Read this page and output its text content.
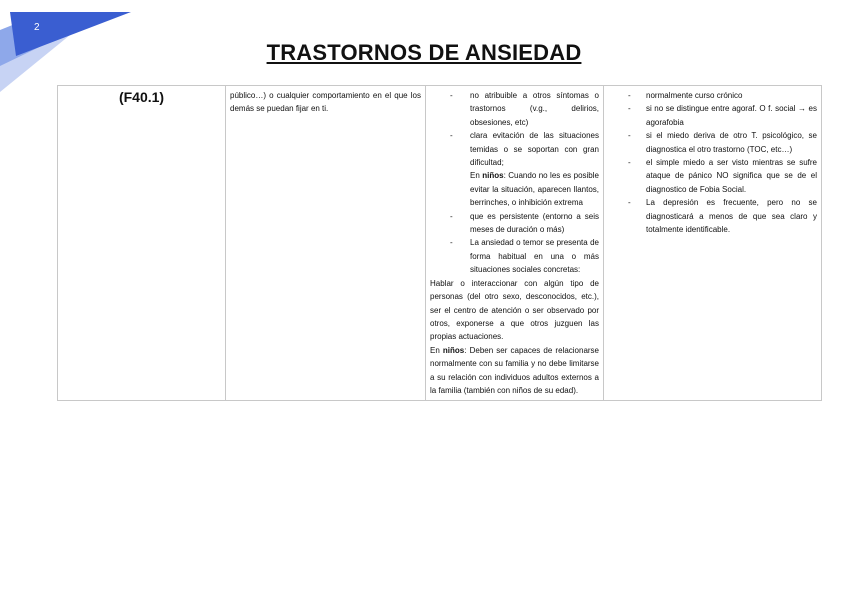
2
TRASTORNOS DE ANSIEDAD
(F40.1)	público…) o cualquier comportamiento en el que los demás se puedan fijar en ti.

- no atribuible a otros síntomas o trastornos (v.g., delirios, obsesiones, etc)
- clara evitación de las situaciones temidas o se soportan con gran dificultad;
En niños: Cuando no les es posible evitar la situación, aparecen llantos, berrinches, o inhibición extrema
- que es persistente (entorno a seis meses de duración o más)
- La ansiedad o temor se presenta de forma habitual en una o más situaciones sociales concretas:
Hablar o interaccionar con algún tipo de personas (del otro sexo, desconocidos, etc.), ser el centro de atención o ser observado por otros, exponerse a que otros juzguen las propias actuaciones.
En niños: Deben ser capaces de relacionarse normalmente con su familia y no debe limitarse a su relación con individuos adultos externos a la familia (también con niños de su edad).

- normalmente curso crónico
- si no se distingue entre agoraf. O f. social → es agorafobia
- si el miedo deriva de otro T. psicológico, se diagnostica el otro trastorno (TOC, etc…)
- el simple miedo a ser visto mientras se sufre ataque de pánico NO significa que se de el diagnostico de Fobia Social.
- La depresión es frecuente, pero no se diagnosticará a menos de que sea claro y totalmente identificable.
